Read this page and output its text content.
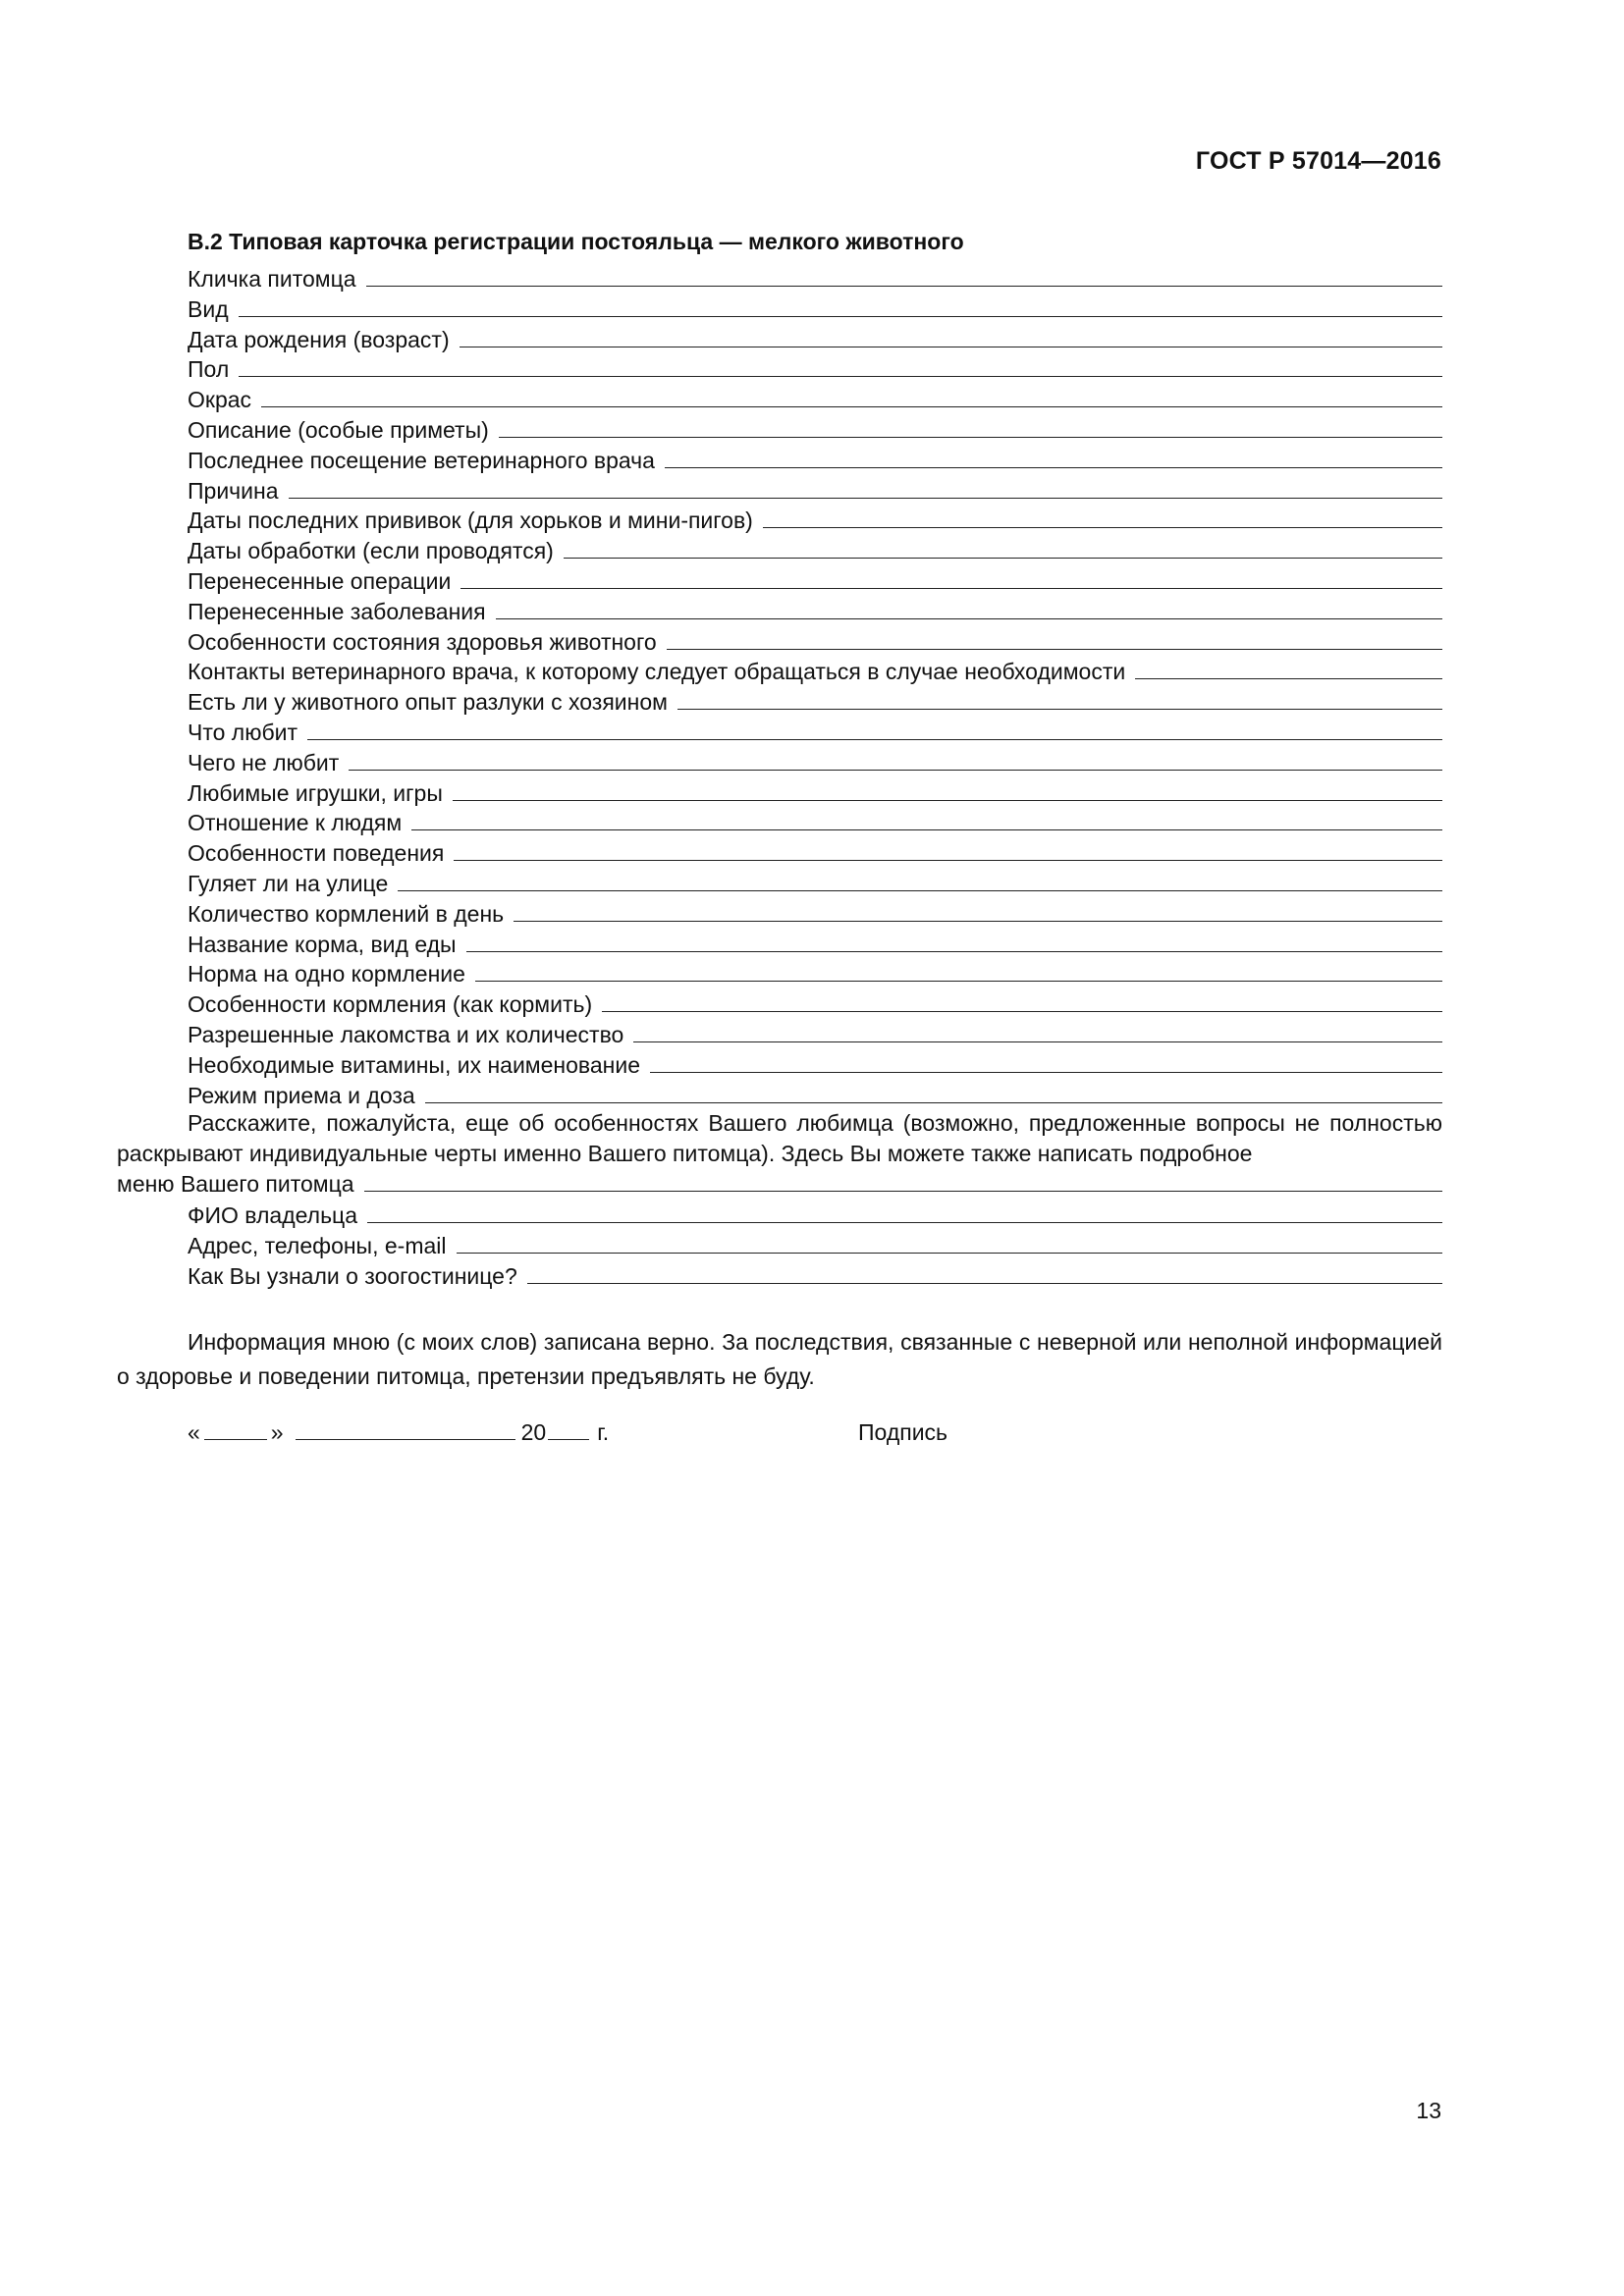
ГОСТ Р 57014—2016
В.2 Типовая карточка регистрации постояльца — мелкого животного
Кличка питомца
Вид
Дата рождения (возраст)
Пол
Окрас
Описание (особые приметы)
Последнее посещение ветеринарного врача
Причина
Даты последних прививок (для хорьков и мини-пигов)
Даты обработки (если проводятся)
Перенесенные операции
Перенесенные заболевания
Особенности состояния здоровья животного
Контакты ветеринарного врача, к которому следует обращаться в случае необходимости
Есть ли у животного опыт разлуки с хозяином
Что любит
Чего не любит
Любимые игрушки, игры
Отношение к людям
Особенности поведения
Гуляет ли на улице
Количество кормлений в день
Название корма, вид еды
Норма на одно кормление
Особенности кормления (как кормить)
Разрешенные лакомства и их количество
Необходимые витамины, их наименование
Режим приема и доза
Расскажите, пожалуйста, еще об особенностях Вашего любимца (возможно, предложенные вопросы не полностью раскрывают индивидуальные черты именно Вашего питомца). Здесь Вы можете также написать подробное
меню Вашего питомца
ФИО владельца
Адрес, телефоны, e-mail
Как Вы узнали о зоогостинице?
Информация мною (с моих слов) записана верно. За последствия, связанные с неверной или неполной информацией о здоровье и поведении питомца, претензии предъявлять не буду.
«	»	20 г.	Подпись
13
